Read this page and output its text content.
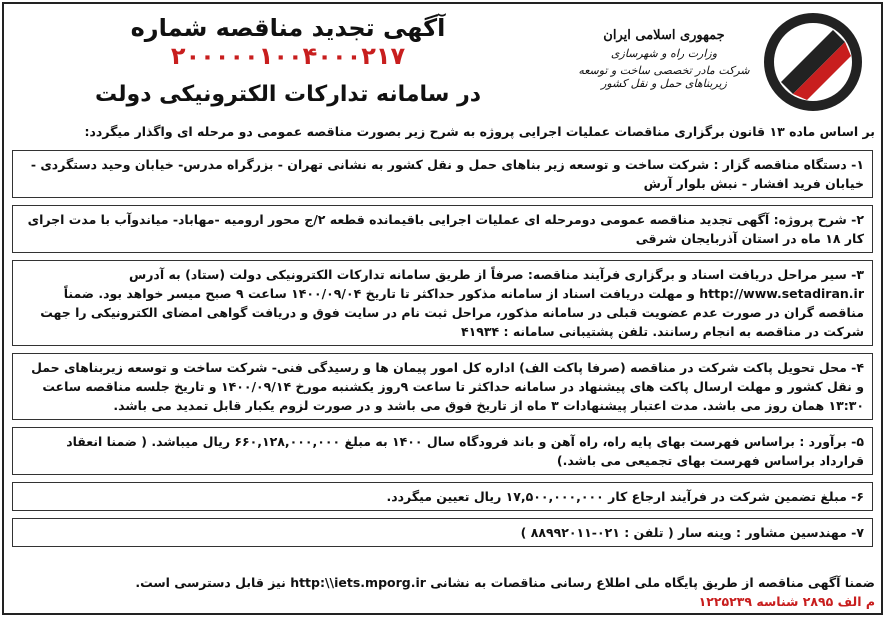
جمهوری اسلامی ایران
وزارت راه و شهرسازی
شرکت مادر تخصصی ساخت و توسعه زیربناهای حمل و نقل کشور
آگهی تجدید مناقصه شماره ۲۰۰۰۰۰۱۰۰۴۰۰۰۲۱۷
در سامانه تدارکات الکترونیکی دولت
بر اساس ماده ۱۳ قانون برگزاری مناقصات عملیات اجرایی پروژه به شرح زیر بصورت مناقصه عمومی دو مرحله ای واگذار میگردد:
۱- دستگاه مناقصه گزار : شرکت ساخت و توسعه زیر بناهای حمل و نقل کشور به نشانی تهران - بزرگراه مدرس- خیابان وحید دستگردی - خیابان فرید افشار - نبش بلوار آرش
۲- شرح پروژه: آگهی تجدید مناقصه عمومی دومرحله ای عملیات اجرایی باقیمانده قطعه ۲/ج محور ارومیه -مهاباد- میاندوآب با مدت اجرای کار ۱۸ ماه در استان آذربایجان شرقی
۳- سیر مراحل دریافت اسناد و برگزاری فرآیند مناقصه: صرفاً از طریق سامانه تدارکات الکترونیکی دولت (ستاد) به آدرس http://www.setadiran.ir و مهلت دریافت اسناد از سامانه مذکور حداکثر تا تاریخ ۱۴۰۰/۰۹/۰۴ ساعت ۹ صبح میسر خواهد بود. ضمناً مناقصه گران در صورت عدم عضویت قبلی در سامانه مذکور، مراحل ثبت نام در سایت فوق و دریافت گواهی امضای الکترونیکی را جهت شرکت در مناقصه به انجام رسانند. تلفن پشتیبانی سامانه : ۴۱۹۳۴
۴- محل تحویل پاکت شرکت در مناقصه (صرفا پاکت الف) اداره کل امور پیمان ها و رسیدگی فنی- شرکت ساخت و توسعه زیربناهای حمل و نقل کشور و مهلت ارسال پاکت های پیشنهاد در سامانه حداکثر تا ساعت ۹روز یکشنبه مورخ ۱۴۰۰/۰۹/۱۴ و تاریخ جلسه مناقصه ساعت ۱۳:۳۰ همان روز می باشد. مدت اعتبار پیشنهادات ۳ ماه از تاریخ فوق می باشد و در صورت لزوم یکبار قابل تمدید می باشد.
۵- برآورد : براساس فهرست بهای پایه راه، راه آهن و باند فرودگاه سال ۱۴۰۰ به مبلغ ۶۶۰,۱۲۸,۰۰۰,۰۰۰ ریال میباشد. ( ضمنا انعقاد قرارداد براساس فهرست بهای تجمیعی می باشد.)
۶- مبلغ تضمین شرکت در فرآیند ارجاع کار ۱۷,۵۰۰,۰۰۰,۰۰۰ ریال تعیین میگردد.
۷- مهندسین مشاور : وینه سار ( تلفن : ۰۲۱-۸۸۹۹۲۰۱۱ )
ضمنا آگهی مناقصه از طریق پایگاه ملی اطلاع رسانی مناقصات به نشانی http:\\iets.mporg.ir نیز قابل دسترسی است.
م الف ۲۸۹۵ شناسه ۱۲۲۵۲۳۹
